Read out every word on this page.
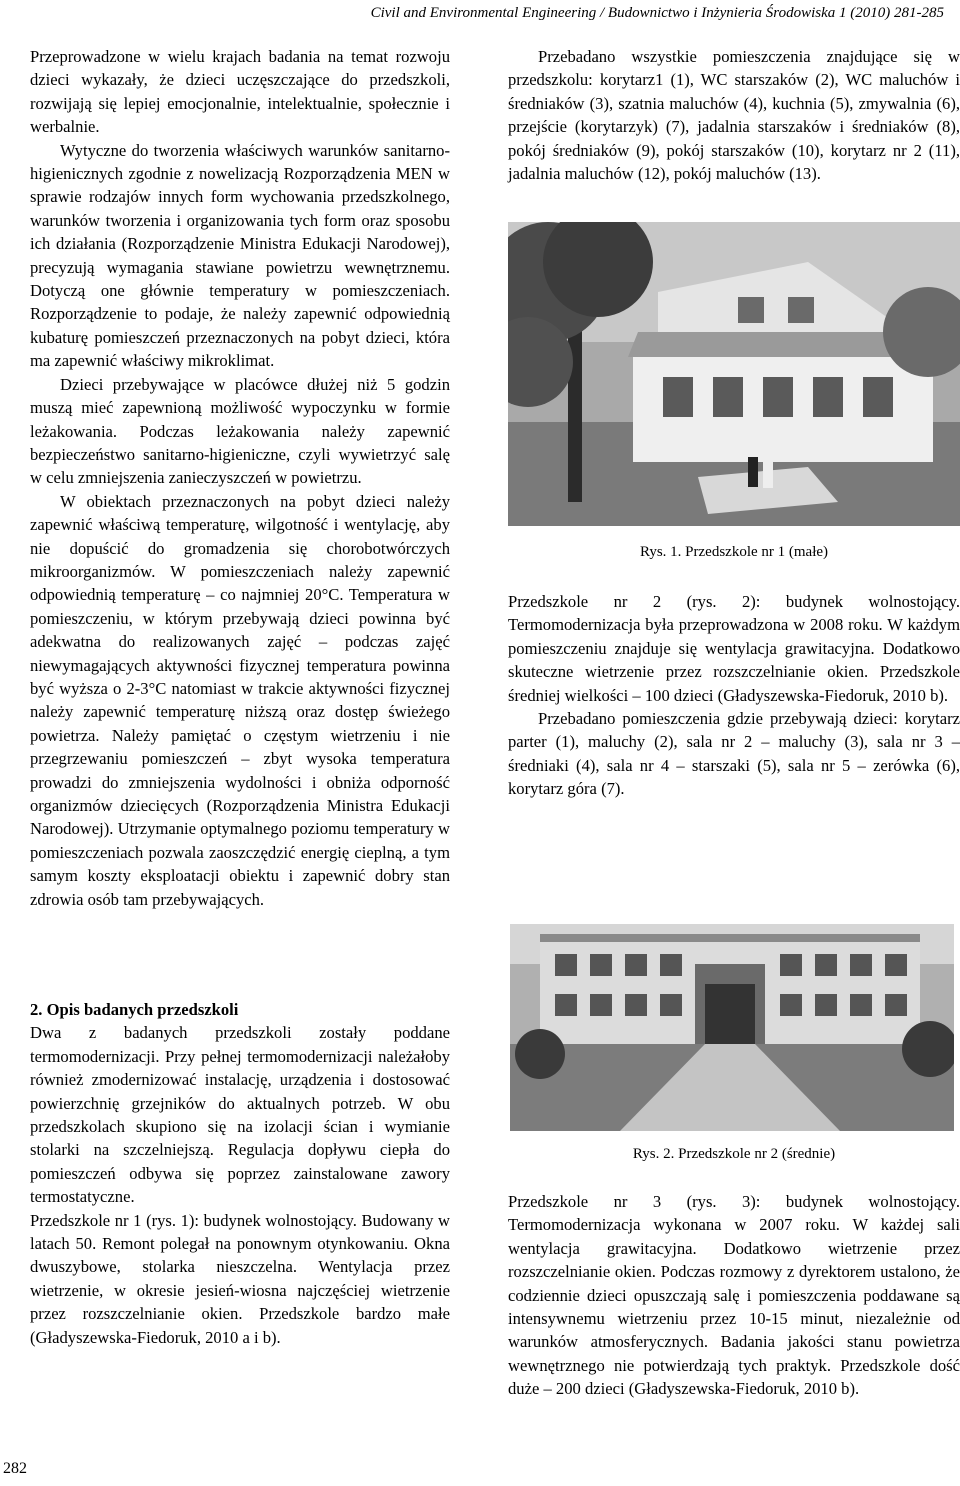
Civil and Environmental Engineering / Budownictwo i Inżynieria Środowiska 1 (2010) 281-285

Przeprowadzone w wielu krajach badania na temat rozwoju dzieci wykazały, że dzieci uczęszczające do przedszkoli, rozwijają się lepiej emocjonalnie, intelektualnie, społecznie i werbalnie.

Wytyczne do tworzenia właściwych warunków sanitarno-higienicznych zgodnie z nowelizacją Rozporządzenia MEN w sprawie rodzajów innych form wychowania przedszkolnego, warunków tworzenia i organizowania tych form oraz sposobu ich działania (Rozporządzenie Ministra Edukacji Narodowej), precyzują wymagania stawiane powietrzu wewnętrznemu. Dotyczą one głównie temperatury w pomieszczeniach. Rozporządzenie to podaje, że należy zapewnić odpowiednią kubaturę pomieszczeń przeznaczonych na pobyt dzieci, która ma zapewnić właściwy mikroklimat.

Dzieci przebywające w placówce dłużej niż 5 godzin muszą mieć zapewnioną możliwość wypoczynku w formie leżakowania. Podczas leżakowania należy zapewnić bezpieczeństwo sanitarno-higieniczne, czyli wywietrzyć salę w celu zmniejszenia zanieczyszczeń w powietrzu.

W obiektach przeznaczonych na pobyt dzieci należy zapewnić właściwą temperaturę, wilgotność i wentylację, aby nie dopuścić do gromadzenia się chorobotwórczych mikroorganizmów. W pomieszczeniach należy zapewnić odpowiednią temperaturę – co najmniej 20°C. Temperatura w pomieszczeniu, w którym przebywają dzieci powinna być adekwatna do realizowanych zajęć – podczas zajęć niewymagających aktywności fizycznej temperatura powinna być wyższa o 2-3°C natomiast w trakcie aktywności fizycznej należy zapewnić temperaturę niższą oraz dostęp świeżego powietrza. Należy pamiętać o częstym wietrzeniu i nie przegrzewaniu pomieszczeń – zbyt wysoka temperatura prowadzi do zmniejszenia wydolności i obniża odporność organizmów dziecięcych (Rozporządzenia Ministra Edukacji Narodowej). Utrzymanie optymalnego poziomu temperatury w pomieszczeniach pozwala zaoszczędzić energię cieplną, a tym samym koszty eksploatacji obiektu i zapewnić dobry stan zdrowia osób tam przebywających.

2. Opis badanych przedszkoli

Dwa z badanych przedszkoli zostały poddane termomodernizacji. Przy pełnej termomodernizacji należałoby również zmodernizować instalację, urządzenia i dostosować powierzchnię grzejników do aktualnych potrzeb. W obu przedszkolach skupiono się na izolacji ścian i wymianie stolarki na szczelniejszą. Regulacja dopływu ciepła do pomieszczeń odbywa się poprzez zainstalowane zawory termostatyczne.

Przedszkole nr 1 (rys. 1): budynek wolnostojący. Budowany w latach 50. Remont polegał na ponownym otynkowaniu. Okna dwuszybowe, stolarka nieszczelna. Wentylacja przez wietrzenie, w okresie jesień-wiosna najczęściej wietrzenie przez rozszczelnianie okien. Przedszkole bardzo małe (Gładyszewska-Fiedoruk, 2010 a i b).

Przebadano wszystkie pomieszczenia znajdujące się w przedszkolu: korytarz1 (1), WC starszaków (2), WC maluchów i średniaków (3), szatnia maluchów (4), kuchnia (5), zmywalnia (6), przejście (korytarzyk) (7), jadalnia starszaków i średniaków (8), pokój średniaków (9), pokój starszaków (10), korytarz nr 2 (11), jadalnia maluchów (12), pokój maluchów (13).

Rys. 1. Przedszkole nr 1 (małe)

Przedszkole nr 2 (rys. 2): budynek wolnostojący. Termomodernizacja była przeprowadzona w 2008 roku. W każdym pomieszczeniu znajduje się wentylacja grawitacyjna. Dodatkowo skuteczne wietrzenie przez rozszczelnianie okien. Przedszkole średniej wielkości – 100 dzieci (Gładyszewska-Fiedoruk, 2010 b).

Przebadano pomieszczenia gdzie przebywają dzieci: korytarz parter (1), maluchy (2), sala nr 2 – maluchy (3), sala nr 3 – średniaki (4), sala nr 4 – starszaki (5), sala nr 5 – zerówka (6), korytarz góra (7).

Rys. 2. Przedszkole nr 2 (średnie)

Przedszkole nr 3 (rys. 3): budynek wolnostojący. Termomodernizacja wykonana w 2007 roku. W każdej sali wentylacja grawitacyjna. Dodatkowo wietrzenie przez rozszczelnianie okien. Podczas rozmowy z dyrektorem ustalono, że codziennie dzieci opuszczają salę i pomieszczenia poddawane są intensywnemu wietrzeniu przez 10-15 minut, niezależnie od warunków atmosferycznych. Badania jakości stanu powietrza wewnętrznego nie potwierdzają tych praktyk. Przedszkole dość duże – 200 dzieci (Gładyszewska-Fiedoruk, 2010 b).

282
